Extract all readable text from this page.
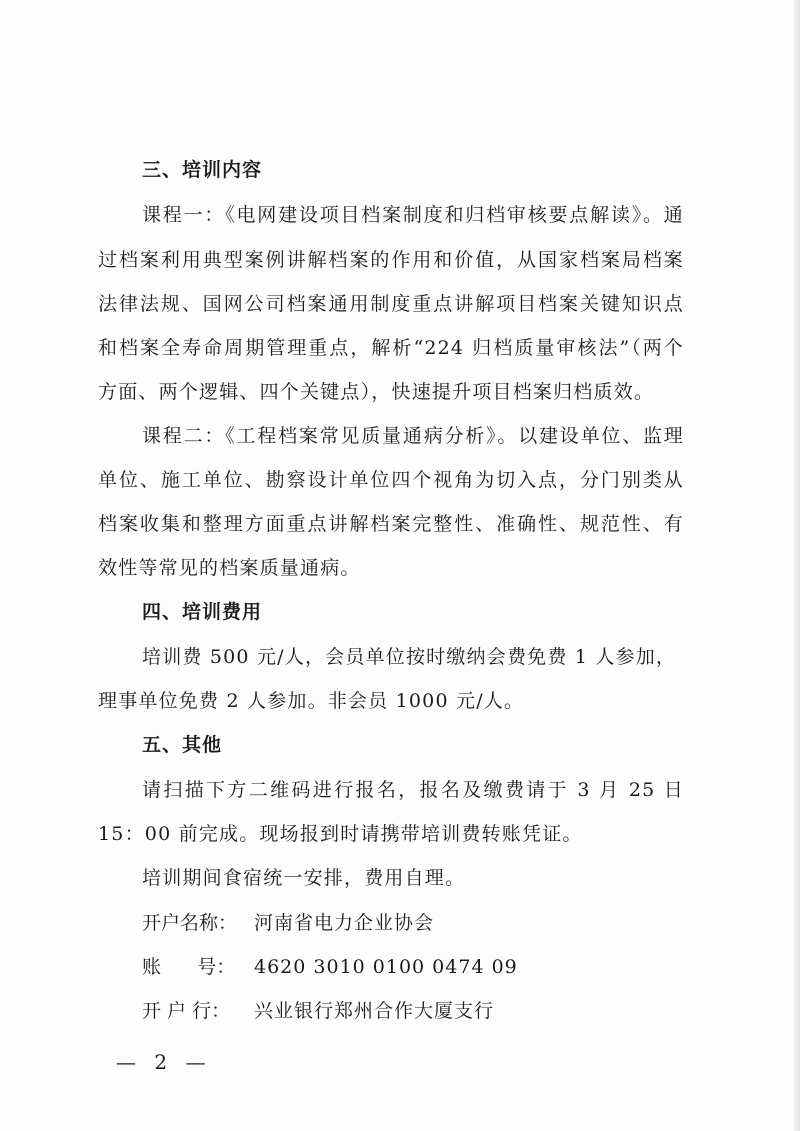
三、培训内容
课程一：《电网建设项目档案制度和归档审核要点解读》。通
过档案利用典型案例讲解档案的作用和价值，从国家档案局档案
法律法规、国网公司档案通用制度重点讲解项目档案关键知识点
和档案全寿命周期管理重点，解析“224 归档质量审核法”（两个
方面、两个逻辑、四个关键点），快速提升项目档案归档质效。
课程二：《工程档案常见质量通病分析》。以建设单位、监理
单位、施工单位、勘察设计单位四个视角为切入点，分门别类从
档案收集和整理方面重点讲解档案完整性、准确性、规范性、有
效性等常见的档案质量通病。
四、培训费用
培训费 500 元/人，会员单位按时缴纳会费免费 1 人参加，
理事单位免费 2 人参加。非会员 1000 元/人。
五、其他
请扫描下方二维码进行报名，报名及缴费请于 3 月 25 日
15：00 前完成。现场报到时请携带培训费转账凭证。
培训期间食宿统一安排，费用自理。
开户名称： 河南省电力企业协会
账      号： 4620 3010 0100 0474 09
开 户 行： 兴业银行郑州合作大厦支行
— 2 —
